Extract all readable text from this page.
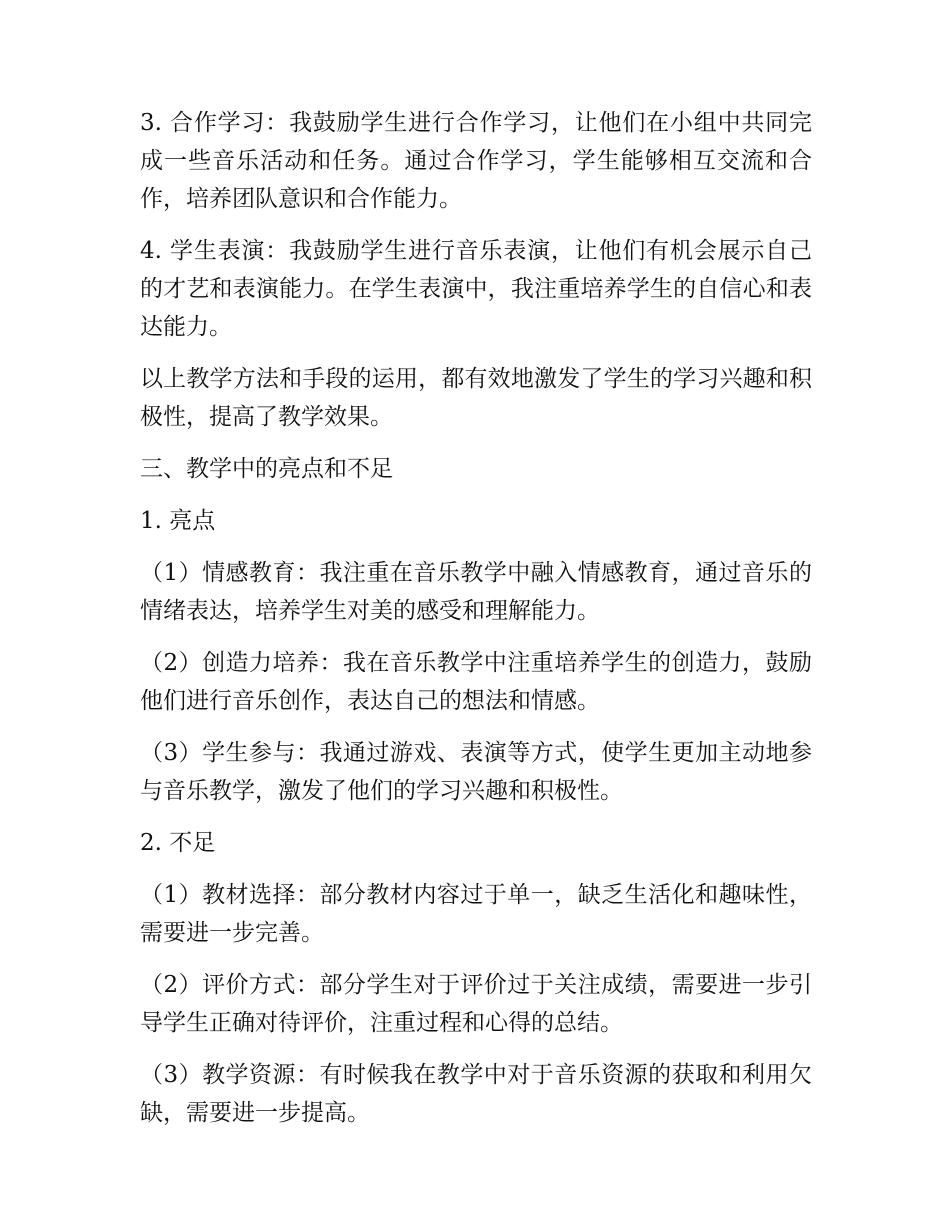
3. 合作学习：我鼓励学生进行合作学习，让他们在小组中共同完成一些音乐活动和任务。通过合作学习，学生能够相互交流和合作，培养团队意识和合作能力。

4. 学生表演：我鼓励学生进行音乐表演，让他们有机会展示自己的才艺和表演能力。在学生表演中，我注重培养学生的自信心和表达能力。

以上教学方法和手段的运用，都有效地激发了学生的学习兴趣和积极性，提高了教学效果。

三、教学中的亮点和不足

1. 亮点

（1）情感教育：我注重在音乐教学中融入情感教育，通过音乐的情绪表达，培养学生对美的感受和理解能力。

（2）创造力培养：我在音乐教学中注重培养学生的创造力，鼓励他们进行音乐创作，表达自己的想法和情感。

（3）学生参与：我通过游戏、表演等方式，使学生更加主动地参与音乐教学，激发了他们的学习兴趣和积极性。

2. 不足

（1）教材选择：部分教材内容过于单一，缺乏生活化和趣味性，需要进一步完善。

（2）评价方式：部分学生对于评价过于关注成绩，需要进一步引导学生正确对待评价，注重过程和心得的总结。

（3）教学资源：有时候我在教学中对于音乐资源的获取和利用欠缺，需要进一步提高。
